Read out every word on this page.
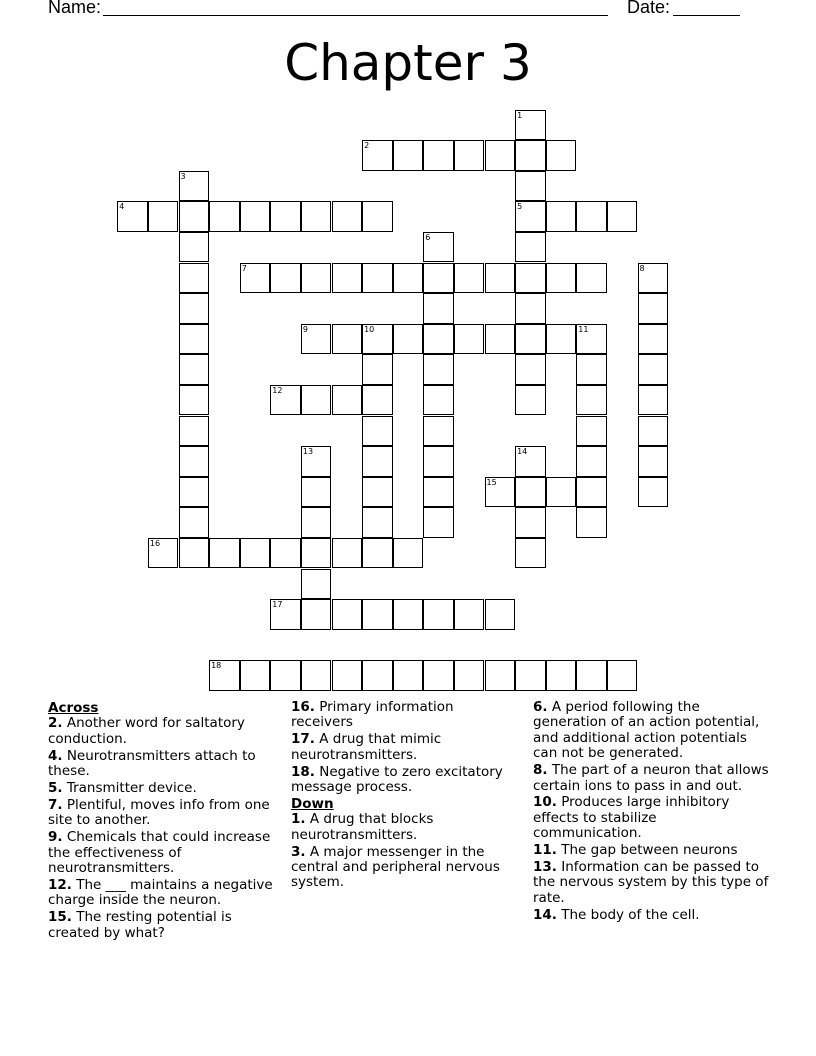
Name:	Date:
Chapter 3
1
5
2
3
4
6
7	8
9	10	11
12
13	14
15
16
17
18
Across
2. Another word for saltatory conduction.
4. Neurotransmitters attach to these.
5. Transmitter device.
7. Plentiful, moves info from one site to another.
9. Chemicals that could increase the effectiveness of neurotransmitters.
12. The ___ maintains a negative charge inside the neuron.
15. The resting potential is created by what?
16. Primary information receivers
17. A drug that mimic neurotransmitters.
18. Negative to zero excitatory message process.
Down
1. A drug that blocks neurotransmitters.
3. A major messenger in the central and peripheral nervous system.
6. A period following the generation of an action potential, and additional action potentials can not be generated.
8. The part of a neuron that allows certain ions to pass in and out.
10. Produces large inhibitory effects to stabilize communication.
11. The gap between neurons
13. Information can be passed to the nervous system by this type of rate.
14. The body of the cell.
